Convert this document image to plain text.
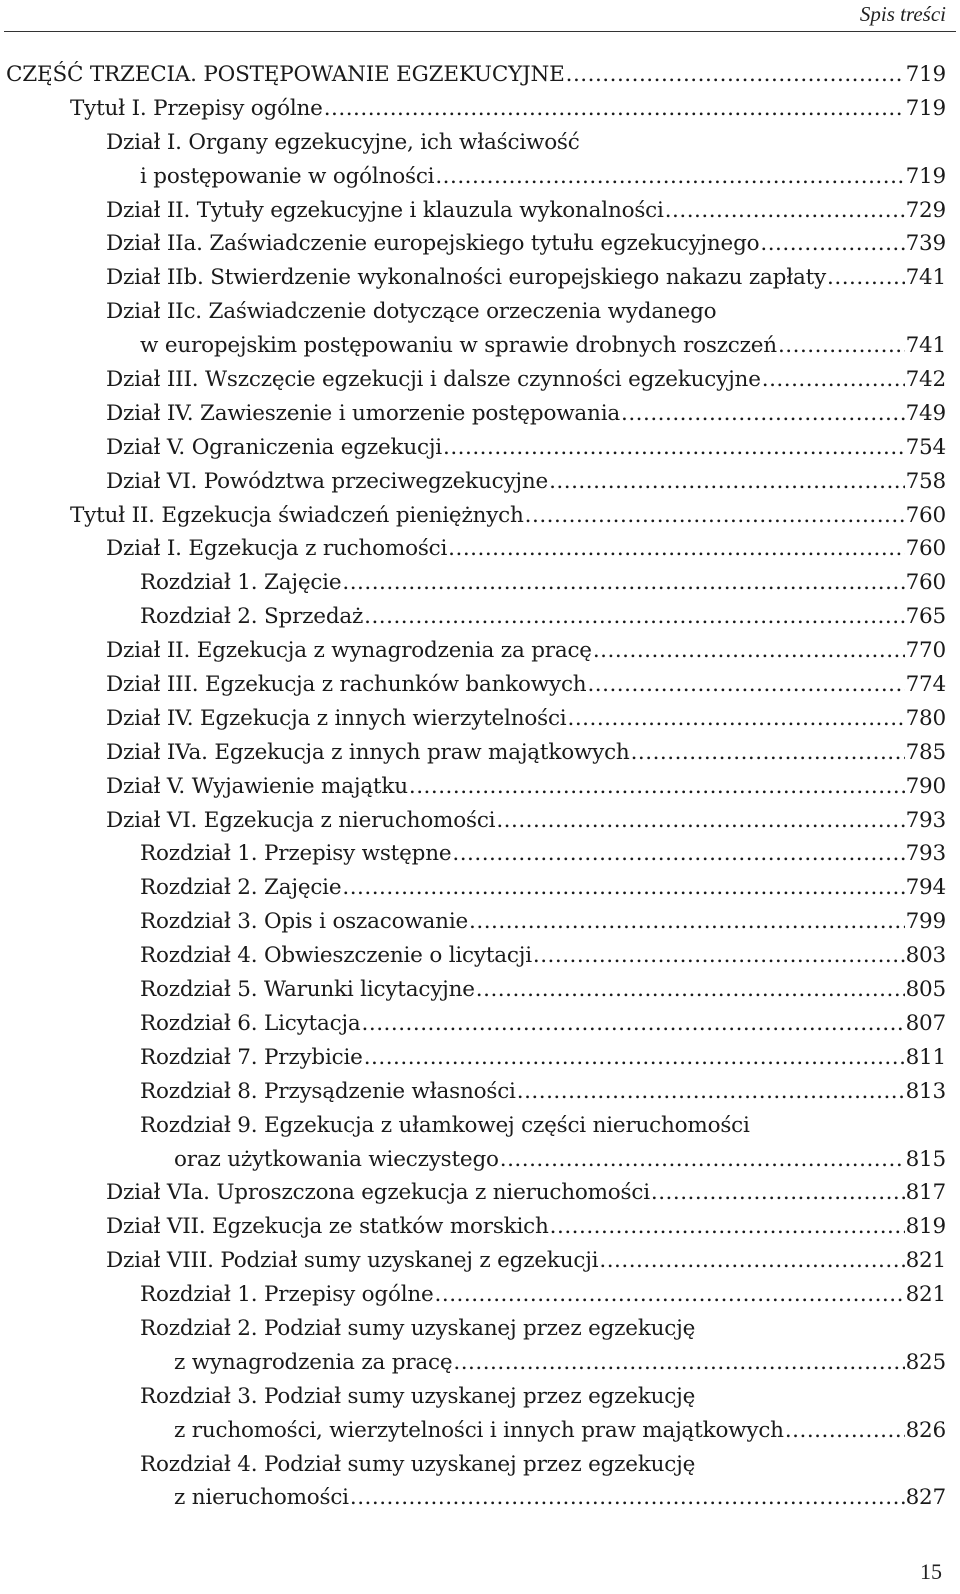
Spis treści
CZĘŚĆ TRZECIA. POSTĘPOWANIE EGZEKUCYJNE .....	719
Tytuł I. Przepisy ogólne .....	719
Dział I. Organy egzekucyjne, ich właściwość
i postępowanie w ogólności .....	719
Dział II. Tytuły egzekucyjne i klauzula wykonalności .....	729
Dział IIa. Zaświadczenie europejskiego tytułu egzekucyjnego .....	739
Dział IIb. Stwierdzenie wykonalności europejskiego nakazu zapłaty .....	741
Dział IIc. Zaświadczenie dotyczące orzeczenia wydanego
w europejskim postępowaniu w sprawie drobnych roszczeń .....	741
Dział III. Wszczęcie egzekucji i dalsze czynności egzekucyjne .....	742
Dział IV. Zawieszenie i umorzenie postępowania .....	749
Dział V. Ograniczenia egzekucji .....	754
Dział VI. Powództwa przeciwegzekucyjne .....	758
Tytuł II. Egzekucja świadczeń pieniężnych .....	760
Dział I. Egzekucja z ruchomości .....	760
Rozdział 1. Zajęcie .....	760
Rozdział 2. Sprzedaż .....	765
Dział II. Egzekucja z wynagrodzenia za pracę .....	770
Dział III. Egzekucja z rachunków bankowych .....	774
Dział IV. Egzekucja z innych wierzytelności .....	780
Dział IVa. Egzekucja z innych praw majątkowych .....	785
Dział V. Wyjawienie majątku .....	790
Dział VI. Egzekucja z nieruchomości .....	793
Rozdział 1. Przepisy wstępne .....	793
Rozdział 2. Zajęcie .....	794
Rozdział 3. Opis i oszacowanie .....	799
Rozdział 4. Obwieszczenie o licytacji .....	803
Rozdział 5. Warunki licytacyjne .....	805
Rozdział 6. Licytacja .....	807
Rozdział 7. Przybicie .....	811
Rozdział 8. Przysądzenie własności .....	813
Rozdział 9. Egzekucja z ułamkowej części nieruchomości
oraz użytkowania wieczystego .....	815
Dział VIa. Uproszczona egzekucja z nieruchomości .....	817
Dział VII. Egzekucja ze statków morskich .....	819
Dział VIII. Podział sumy uzyskanej z egzekucji .....	821
Rozdział 1. Przepisy ogólne .....	821
Rozdział 2. Podział sumy uzyskanej przez egzekucję
z wynagrodzenia za pracę .....	825
Rozdział 3. Podział sumy uzyskanej przez egzekucję
z ruchomości, wierzytelności i innych praw majątkowych .....	826
Rozdział 4. Podział sumy uzyskanej przez egzekucję
z nieruchomości .....	827
15
